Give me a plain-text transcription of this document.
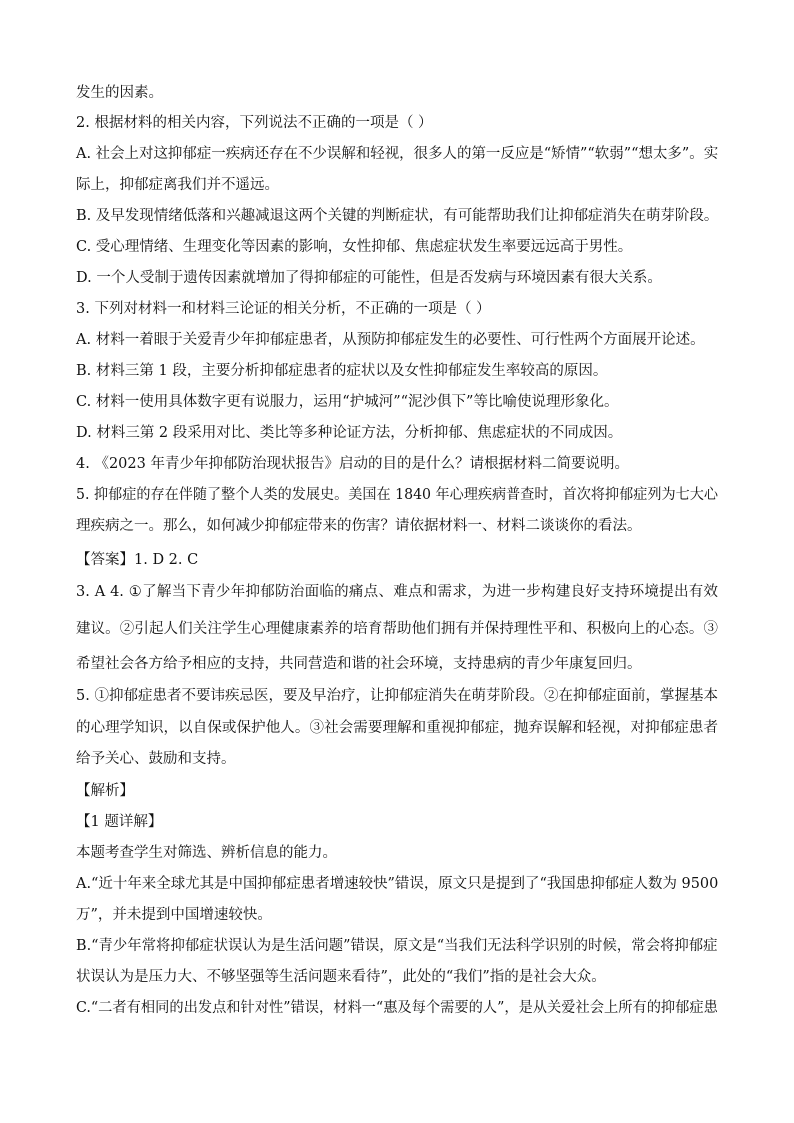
发生的因素。
2. 根据材料的相关内容，下列说法不正确的一项是（ ）
A. 社会上对这抑郁症一疾病还存在不少误解和轻视，很多人的第一反应是“矫情”“软弱”“想太多”。实
际上，抑郁症离我们并不遥远。
B. 及早发现情绪低落和兴趣减退这两个关键的判断症状，有可能帮助我们让抑郁症消失在萌芽阶段。
C. 受心理情绪、生理变化等因素的影响，女性抑郁、焦虑症状发生率要远远高于男性。
D. 一个人受制于遗传因素就增加了得抑郁症的可能性，但是否发病与环境因素有很大关系。
3. 下列对材料一和材料三论证的相关分析，不正确的一项是（ ）
A. 材料一着眼于关爱青少年抑郁症患者，从预防抑郁症发生的必要性、可行性两个方面展开论述。
B. 材料三第 1 段，主要分析抑郁症患者的症状以及女性抑郁症发生率较高的原因。
C. 材料一使用具体数字更有说服力，运用“护城河”“泥沙俱下”等比喻使说理形象化。
D. 材料三第 2 段采用对比、类比等多种论证方法，分析抑郁、焦虑症状的不同成因。
4. 《2023 年青少年抑郁防治现状报告》启动的目的是什么？请根据材料二简要说明。
5. 抑郁症的存在伴随了整个人类的发展史。美国在 1840 年心理疾病普查时，首次将抑郁症列为七大心
理疾病之一。那么，如何减少抑郁症带来的伤害？请依据材料一、材料二谈谈你的看法。
【答案】1. D 2. C
3. A 4. ①了解当下青少年抑郁防治面临的痛点、难点和需求，为进一步构建良好支持环境提出有效
建议。②引起人们关注学生心理健康素养的培育帮助他们拥有并保持理性平和、积极向上的心态。③
希望社会各方给予相应的支持，共同营造和谐的社会环境，支持患病的青少年康复回归。
5. ①抑郁症患者不要讳疾忌医，要及早治疗，让抑郁症消失在萌芽阶段。②在抑郁症面前，掌握基本
的心理学知识，以自保或保护他人。③社会需要理解和重视抑郁症，抛弃误解和轻视，对抑郁症患者
给予关心、鼓励和支持。
【解析】
【1 题详解】
本题考查学生对筛选、辨析信息的能力。
A.“近十年来全球尤其是中国抑郁症患者增速较快”错误，原文只是提到了“我国患抑郁症人数为 9500
万”，并未提到中国增速较快。
B.“青少年常将抑郁症状误认为是生活问题”错误，原文是“当我们无法科学识别的时候，常会将抑郁症
状误认为是压力大、不够坚强等生活问题来看待”，此处的“我们”指的是社会大众。
C.“二者有相同的出发点和针对性”错误，材料一“惠及每个需要的人”，是从关爱社会上所有的抑郁症患
